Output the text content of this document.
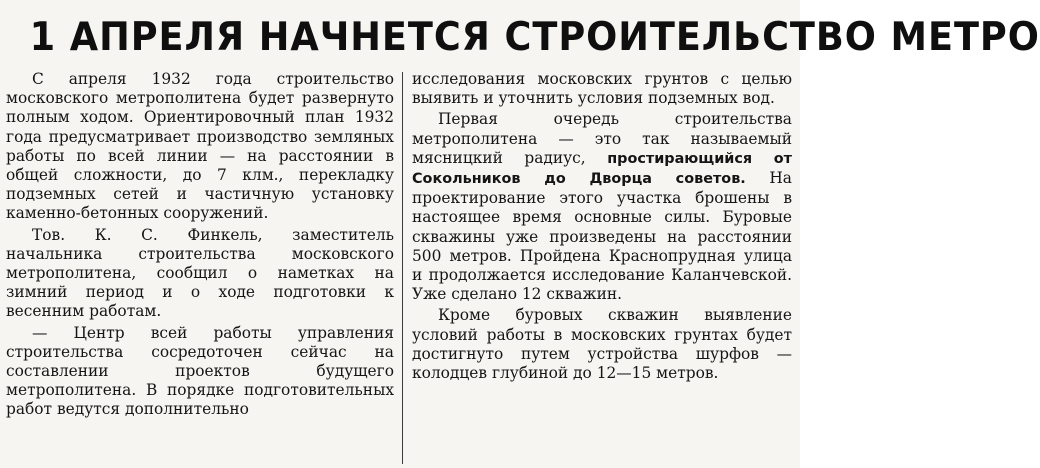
1 АПРЕЛЯ НАЧНЕТСЯ СТРОИТЕЛЬСТВО МЕТРО

С апреля 1932 года строительство московского метрополитена будет развернуто полным ходом. Ориентировочный план 1932 года предусматривает производство земляных работы по всей линии — на расстоянии в общей сложности, до 7 клм., перекладку подземных сетей и частичную установку каменно-бетонных сооружений.

Тов. К. С. Финкель, заместитель начальника строительства московского метрополитена, сообщил о наметках на зимний период и о ходе подготовки к весенним работам.

— Центр всей работы управления строительства сосредоточен сейчас на составлении проектов будущего метрополитена. В порядке подготовительных работ ведутся дополнительно

исследования московских грунтов с целью выявить и уточнить условия подземных вод.

Первая очередь строительства метрополитена — это так называемый мясницкий радиус, простирающийся от Сокольников до Дворца советов. На проектирование этого участка брошены в настоящее время основные силы. Буровые скважины уже произведены на расстоянии 500 метров. Пройдена Краснопрудная улица и продолжается исследование Каланчевской. Уже сделано 12 скважин.

Кроме буровых скважин выявление условий работы в московских грунтах будет достигнуто путем устройства шурфов — колодцев глубиной до 12—15 метров.
